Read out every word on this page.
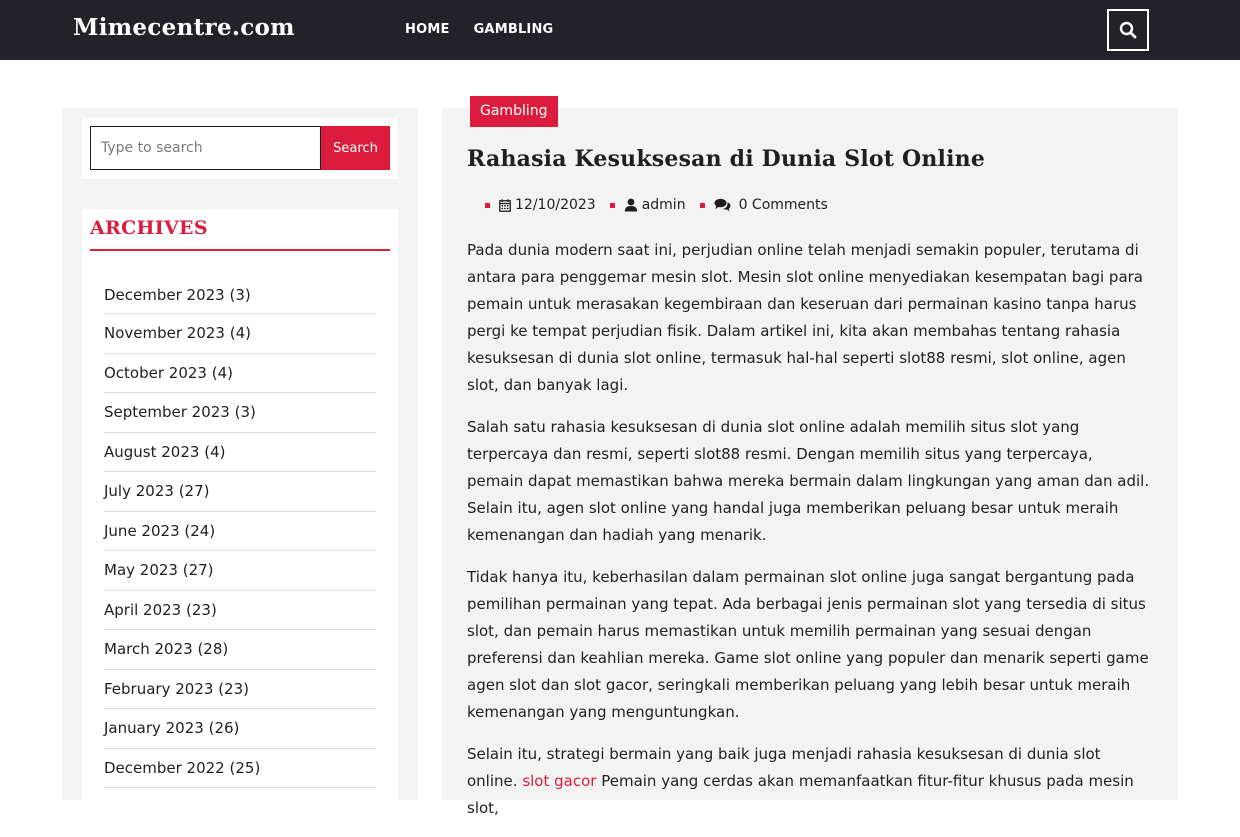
Mimecentre.com	HOME GAMBLING
Type to search
Search
ARCHIVES
December 2023 (3)
November 2023 (4)
October 2023 (4)
September 2023 (3)
August 2023 (4)
July 2023 (27)
June 2023 (24)
May 2023 (27)
April 2023 (23)
March 2023 (28)
February 2023 (23)
January 2023 (26)
December 2022 (25)
Gambling
Rahasia Kesuksesan di Dunia Slot Online
12/10/2023	admin	0 Comments

Pada dunia modern saat ini, perjudian online telah menjadi semakin populer, terutama di antara para penggemar mesin slot. Mesin slot online menyediakan kesempatan bagi para pemain untuk merasakan kegembiraan dan keseruan dari permainan kasino tanpa harus pergi ke tempat perjudian fisik. Dalam artikel ini, kita akan membahas tentang rahasia kesuksesan di dunia slot online, termasuk hal-hal seperti slot88 resmi, slot online, agen slot, dan banyak lagi.

Salah satu rahasia kesuksesan di dunia slot online adalah memilih situs slot yang terpercaya dan resmi, seperti slot88 resmi. Dengan memilih situs yang terpercaya, pemain dapat memastikan bahwa mereka bermain dalam lingkungan yang aman dan adil. Selain itu, agen slot online yang handal juga memberikan peluang besar untuk meraih kemenangan dan hadiah yang menarik.

Tidak hanya itu, keberhasilan dalam permainan slot online juga sangat bergantung pada pemilihan permainan yang tepat. Ada berbagai jenis permainan slot yang tersedia di situs slot, dan pemain harus memastikan untuk memilih permainan yang sesuai dengan preferensi dan keahlian mereka. Game slot online yang populer dan menarik seperti game agen slot dan slot gacor, seringkali memberikan peluang yang lebih besar untuk meraih kemenangan yang menguntungkan.

Selain itu, strategi bermain yang baik juga menjadi rahasia kesuksesan di dunia slot online. slot gacor Pemain yang cerdas akan memanfaatkan fitur-fitur khusus pada mesin slot,
